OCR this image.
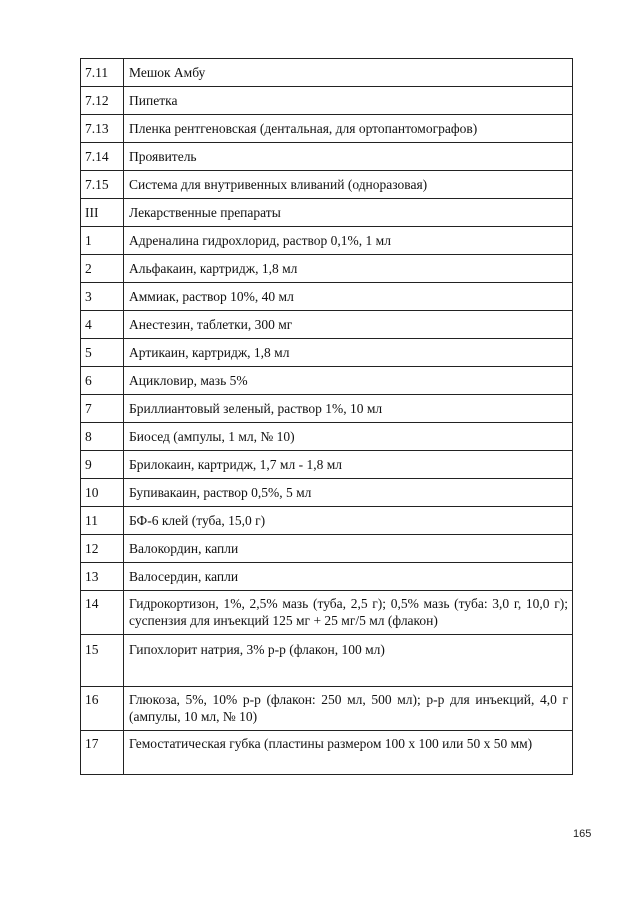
7.11	Мешок Амбу
7.12	Пипетка
7.13	Пленка рентгеновская (дентальная, для ортопантомографов)
7.14	Проявитель
7.15	Система для внутривенных вливаний (одноразовая)
III	Лекарственные препараты
1	Адреналина гидрохлорид, раствор 0,1%, 1 мл
2	Альфакаин, картридж, 1,8 мл
3	Аммиак, раствор 10%, 40 мл
4	Анестезин, таблетки, 300 мг
5	Артикаин, картридж, 1,8 мл
6	Ацикловир, мазь 5%
7	Бриллиантовый зеленый, раствор 1%, 10 мл
8	Биосед (ампулы, 1 мл, № 10)
9	Брилокаин, картридж, 1,7 мл - 1,8 мл
10	Бупивакаин, раствор 0,5%, 5 мл
11	БФ-6 клей (туба, 15,0 г)
12	Валокордин, капли
13	Валосердин, капли
14	Гидрокортизон, 1%, 2,5% мазь (туба, 2,5 г); 0,5% мазь (туба: 3,0 г, 10,0 г); суспензия для инъекций 125 мг + 25 мг/5 мл (флакон)
15	Гипохлорит натрия, 3% р-р (флакон, 100 мл)
16	Глюкоза, 5%, 10% р-р (флакон: 250 мл, 500 мл); р-р для инъекций, 4,0 г (ампулы, 10 мл, № 10)
17	Гемостатическая губка (пластины размером 100 х 100 или 50 х 50 мм)
165
